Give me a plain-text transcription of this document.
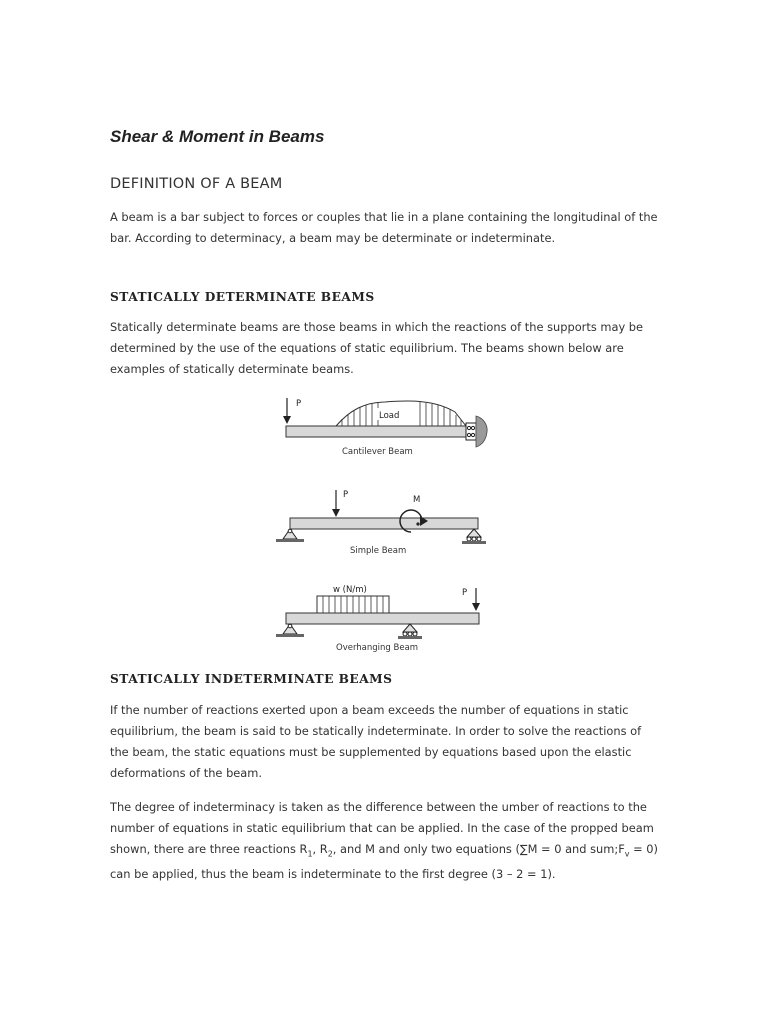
Shear & Moment in Beams
DEFINITION OF A BEAM
A beam is a bar subject to forces or couples that lie in a plane containing the longitudinal of the bar. According to determinacy, a beam may be determinate or indeterminate.
STATICALLY DETERMINATE BEAMS
Statically determinate beams are those beams in which the reactions of the supports may be determined by the use of the equations of static equilibrium. The beams shown below are examples of statically determinate beams.
STATICALLY INDETERMINATE BEAMS
If the number of reactions exerted upon a beam exceeds the number of equations in static equilibrium, the beam is said to be statically indeterminate. In order to solve the reactions of the beam, the static equations must be supplemented by equations based upon the elastic deformations of the beam.
The degree of indeterminacy is taken as the difference between the umber of reactions to the number of equations in static equilibrium that can be applied. In the case of the propped beam shown, there are three reactions $R_1$, $R_2$, and M and only two equations (∑M = 0 and $sum;F_v = 0$) can be applied, thus the beam is indeterminate to the first degree (3 – 2 = 1).
P
Load
Cantilever Beam
P	M
Simple Beam
w (N/m)	P
Overhanging Beam
